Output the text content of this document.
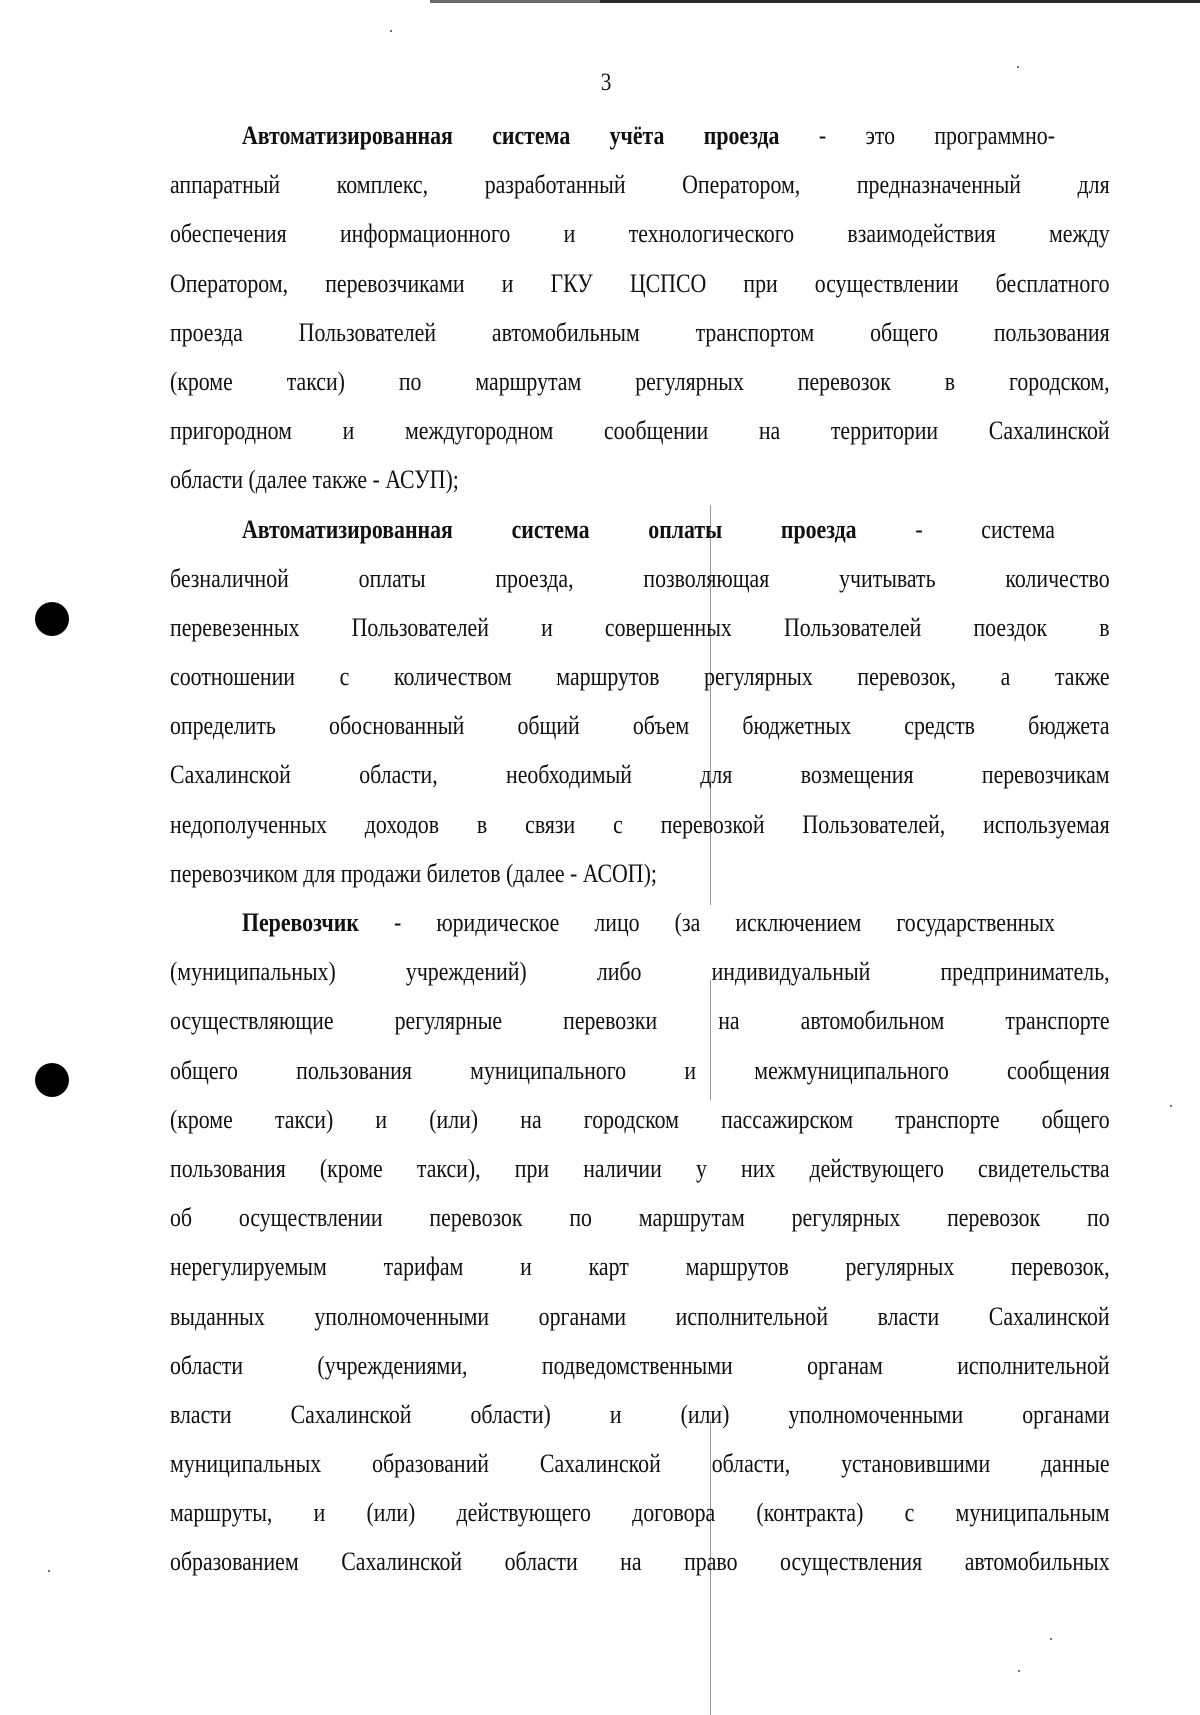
3
Автоматизированная система учёта проезда - это программно-
аппаратный комплекс, разработанный Оператором, предназначенный для
обеспечения информационного и технологического взаимодействия между
Оператором, перевозчиками и ГКУ ЦСПСО при осуществлении бесплатного
проезда Пользователей автомобильным транспортом общего пользования
(кроме такси) по маршрутам регулярных перевозок в городском,
пригородном и междугородном сообщении на территории Сахалинской
области (далее также - АСУП);
Автоматизированная система оплаты проезда - система
безналичной оплаты проезда, позволяющая учитывать количество
перевезенных Пользователей и совершенных Пользователей поездок в
соотношении с количеством маршрутов регулярных перевозок, а также
определить обоснованный общий объем бюджетных средств бюджета
Сахалинской области, необходимый для возмещения перевозчикам
недополученных доходов в связи с перевозкой Пользователей, используемая
перевозчиком для продажи билетов (далее - АСОП);
Перевозчик - юридическое лицо (за исключением государственных
(муниципальных) учреждений) либо индивидуальный предприниматель,
осуществляющие регулярные перевозки на автомобильном транспорте
общего пользования муниципального и межмуниципального сообщения
(кроме такси) и (или) на городском пассажирском транспорте общего
пользования (кроме такси), при наличии у них действующего свидетельства
об осуществлении перевозок по маршрутам регулярных перевозок по
нерегулируемым тарифам и карт маршрутов регулярных перевозок,
выданных уполномоченными органами исполнительной власти Сахалинской
области (учреждениями, подведомственными органам исполнительной
власти Сахалинской области) и (или) уполномоченными органами
муниципальных образований Сахалинской области, установившими данные
маршруты, и (или) действующего договора (контракта) с муниципальным
образованием Сахалинской области на право осуществления автомобильных
